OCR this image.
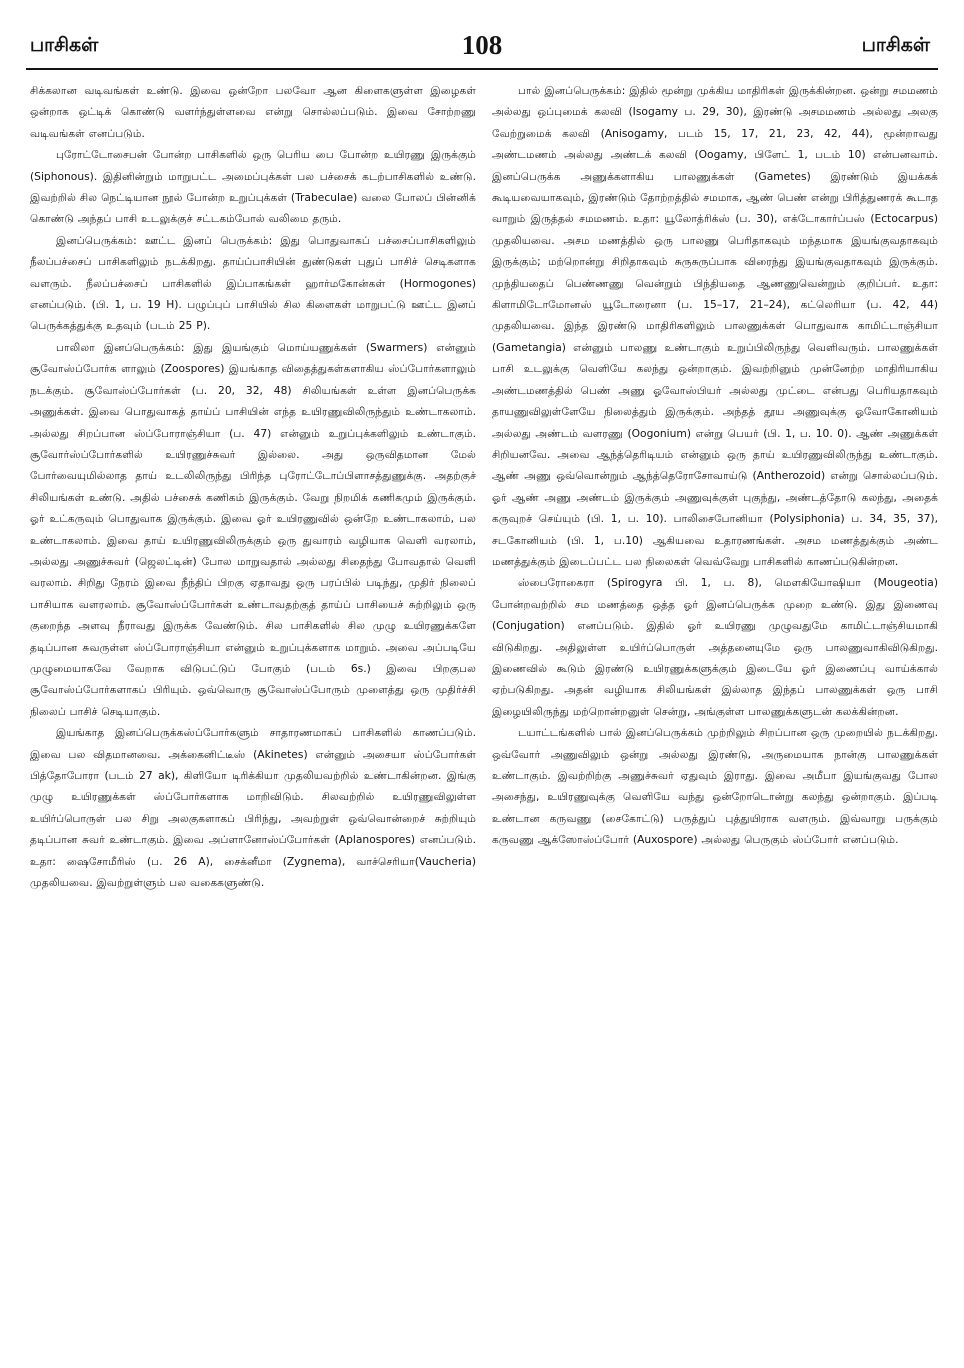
பாசிகள்	108	பாசிகள்

சிக்கலான வடிவங்கள் உண்டு. இவை ஒன்றோ பலவோ ஆன கிளைகளுள்ள இழைகள் ஒன்றாக ஒட்டிக் கொண்டு வளர்ந்துள்ளவை என்று சொல்லப்படும். இவை சோற்றணு வடிவங்கள் எனப்படும்.

புரோட்டோசைபன் போன்ற பாசிகளில் ஒரு பெரிய பை போன்ற உயிரணு இருக்கும் (Siphonous). இதினின்றும் மாறுபட்ட அமைப்புக்கள் பல பச்சைக் கடற்பாசிகளில் உண்டு. இவற்றில் சில நெட்டியான நூல் போன்ற உறுப்புக்கள் (Trabeculae) வலை போலப் பின்னிக் கொண்டு அந்தப் பாசி உடலுக்குச் சட்டகம்போல் வலிமை தரும்.

இனப்பெருக்கம்: ஊட்ட இனப் பெருக்கம்: இது பொதுவாகப் பச்சைப்பாசிகளிலும் நீலப்பச்சைப் பாசிகளிலும் நடக்கிறது. தாய்ப்பாசியின் துண்டுகள் புதுப் பாசிச் செடிகளாக வளரும். நீலப்பச்சைப் பாசிகளில் இப்பாகங்கள் ஹார்மகோன்கள் (Hormogones) எனப்படும். (பி. 1, ப. 19 H). பழுப்புப் பாசியில் சில கிளைகள் மாறுபட்டு ஊட்ட இனப் பெருக்கத்துக்கு உதவும் (படம் 25 P).

பாலிலா இனப்பெருக்கம்: இது இயங்கும் மொய்யணுக்கள் (Swarmers) என்னும் சூவோஸ்ப்போர்க ளாலும் (Zoospores) இயங்காத விதைத்துகள்களாகிய ஸ்ப்போர்களாலும் நடக்கும். சூவோஸ்ப்போர்கள் (ப. 20, 32, 48) சிலியங்கள் உள்ள இனப்பெருக்க அணுக்கள். இவை பொதுவாகத் தாய்ப் பாசியின் எந்த உயிரணுவிலிருந்தும் உண்டாகலாம். அல்லது சிறப்பான ஸ்ப்போராஞ்சியா (ப. 47) என்னும் உறுப்புக்களிலும் உண்டாகும். சூவோர்ஸ்ப்போர்களில் உயிரணுச்சுவர் இல்லை. அது ஒருவிதமான மேல் போர்வையுமில்லாத தாய் உடலிலிருந்து பிரிந்த புரோட்டோப்பிளாசத்துணுக்கு. அதற்குச் சிலியங்கள் உண்டு. அதில் பச்சைக் கணிகம் இருக்கும். வேறு நிறமிக் கணிகமும் இருக்கும். ஓர் உட்கருவும் பொதுவாக இருக்கும். இவை ஓர் உயிரணுவில் ஒன்றே உண்டாகலாம், பல உண்டாகலாம். இவை தாய் உயிரணுவிலிருக்கும் ஒரு துவாரம் வழியாக வெளி வரலாம், அல்லது அணுச்சுவர் (ஜெலட்டின்) போல மாறுவதால் அல்லது சிதைந்து போவதால் வெளி வரலாம். சிறிது நேரம் இவை நீந்திப் பிறகு ஏதாவது ஒரு பரப்பில் படிந்து, முதிர் நிலைப் பாசியாக வளரலாம். சூவோஸ்ப்போர்கள் உண்டாவதற்குத் தாய்ப் பாசியைச் சுற்றிலும் ஒரு குறைந்த அளவு நீராவது இருக்க வேண்டும். சில பாசிகளில் சில முழு உயிரணுக்களே தடிப்பான சுவருள்ள ஸ்ப்போராஞ்சியா என்னும் உறுப்புக்களாக மாறும். அவை அப்படியே முழுமையாகவே வேறாக விடுபட்டுப் போகும் (படம் 6s.) இவை பிறகுபல சூவோஸ்ப்போர்களாகப் பிரியும். ஒவ்வொரு சூவோஸ்ப்போரும் முளைத்து ஒரு முதிர்ச்சி நிலைப் பாசிச் செடியாகும்.

இயங்காத இனப்பெருக்கஸ்ப்போர்களும் சாதாரணமாகப் பாசிகளில் காணப்படும். இவை பல விதமானவை. அக்கைனிட்டீஸ் (Akinetes) என்னும் அசையா ஸ்ப்போர்கள் பித்தோபோரா (படம் 27 ak), கிளியோ டிரிக்கியா முதலியவற்றில் உண்டாகின்றன. இங்கு முழு உயிரணுக்கள் ஸ்ப்போர்களாக மாறிவிடும். சிலவற்றில் உயிரணுவிலுள்ள உயிர்ப்பொருள் பல சிறு அலகுகளாகப் பிரிந்து, அவற்றுள் ஒவ்வொன்றைச் சுற்றியும் தடிப்பான சுவர் உண்டாகும். இவை அப்ளானோஸ்ப்போர்கள் (Aplanospores) எனப்படும். உதா: ஷைசோமீரிஸ் (ப. 26 A), சைக்னீமா (Zygnema), வாச்செரியா(Vaucheria) முதலியவை. இவற்றுள்ளும் பல வகைகளுண்டு.

பால் இனப்பெருக்கம்: இதில் மூன்று முக்கிய மாதிரிகள் இருக்கின்றன. ஒன்று சமமணம் அல்லது ஒப்புமைக் கலவி (Isogamy ப. 29, 30), இரண்டு அசமமணம் அல்லது அலகு வேற்றுமைக் கலவி (Anisogamy, படம் 15, 17, 21, 23, 42, 44), மூன்றாவது அண்டமணம் அல்லது அண்டக் கலவி (Oogamy, பிளேட் 1, படம் 10) என்பனவாம். இனப்பெருக்க அணுக்களாகிய பாலணுக்கள் (Gametes) இரண்டும் இயக்கக் கூடியவையாகவும், இரண்டும் தோற்றத்தில் சமமாக, ஆண் பெண் என்று பிரித்துணரக் கூடாத வாறும் இருத்தல் சமமணம். உதா: யூலோத்ரிக்ஸ் (ப. 30), எக்டோகார்ப்பஸ் (Ectocarpus) முதலியவை. அசம மணத்தில் ஒரு பாலணு பெரிதாகவும் மந்தமாக இயங்குவதாகவும் இருக்கும்; மற்றொன்று சிறிதாகவும் சுருசுருப்பாக விரைந்து இயங்குவதாகவும் இருக்கும். முந்தியதைப் பெண்ணணு வென்றும் பிந்தியதை ஆணணுவென்றும் குறிப்பர். உதா: கிளாமிடோமோனஸ் யூடோரைனா (ப. 15–17, 21–24), கட்லெரியா (ப. 42, 44) முதலியவை. இந்த இரண்டு மாதிரிகளிலும் பாலணுக்கள் பொதுவாக காமிட்டாஞ்சியா (Gametangia) என்னும் பாலணு உண்டாகும் உறுப்பிலிருந்து வெளிவரும். பாலணுக்கள் பாசி உடலுக்கு வெளியே கலந்து ஒன்றாகும். இவற்றினும் முன்னேற்ற மாதிரியாகிய அண்டமணத்தில் பெண் அணு ஓவோஸ்பியர் அல்லது முட்டை என்பது பெரியதாகவும் தாயணுவிலுள்ளேயே நிலைத்தும் இருக்கும். அந்தத் தூய அணுவுக்கு ஓவோகோனியம் அல்லது அண்டம் வளரணு (Oogonium) என்று பெயர் (பி. 1, ப. 10. 0). ஆண் அணுக்கள் சிறியனவே. அவை ஆந்த்தெரிடியம் என்னும் ஒரு தாய் உயிரணுவிலிருந்து உண்டாகும். ஆண் அணு ஒவ்வொன்றும் ஆந்த்தெரோசோவாய்டு (Antherozoid) என்று சொல்லப்படும். ஓர் ஆண் அணு அண்டம் இருக்கும் அணுவுக்குள் புகுந்து, அண்டத்தோடு கலந்து, அதைக் கருவுறச் செய்யும் (பி. 1, ப. 10). பாலிசைபோனியா (Polysiphonia) ப. 34, 35, 37), சடகோனியம் (பி. 1, ப.10) ஆகியவை உதாரணங்கள். அசம மணத்துக்கும் அண்ட மணத்துக்கும் இடைப்பட்ட பல நிலைகள் வெவ்வேறு பாசிகளில் காணப்படுகின்றன.

ஸ்பைரோகைரா (Spirogyra பி. 1, ப. 8), மௌகியோஷியா (Mougeotia) போன்றவற்றில் சம மணத்தை ஒத்த ஓர் இனப்பெருக்க முறை உண்டு. இது இணைவு (Conjugation) எனப்படும். இதில் ஓர் உயிரணு முழுவதுமே காமிட்டாஞ்சியமாகி விடுகிறது. அதிலுள்ள உயிர்ப்பொருள் அத்தனையுமே ஒரு பாலணுவாகிவிடுகிறது. இணைவில் கூடும் இரண்டு உயிரணுக்களுக்கும் இடையே ஓர் இணைப்பு வாய்க்கால் ஏற்படுகிறது. அதன் வழியாக சிலியங்கள் இல்லாத இந்தப் பாலணுக்கள் ஒரு பாசி இழையிலிருந்து மற்றொன்றனுள் சென்று, அங்குள்ள பாலணுக்களுடன் கலக்கின்றன.

டயாட்டங்களில் பால் இனப்பெருக்கம் முற்றிலும் சிறப்பான ஒரு முறையில் நடக்கிறது. ஒவ்வோர் அணுவிலும் ஒன்று அல்லது இரண்டு, அருமையாக நான்கு பாலணுக்கள் உண்டாகும். இவற்றிற்கு அணுச்சுவர் ஏதுவும் இராது. இவை அமீபா இயங்குவது போல அசைந்து, உயிரணுவுக்கு வெளியே வந்து ஒன்றோடொன்று கலந்து ஒன்றாகும். இப்படி உண்டான கருவணு (சைகோட்டு) பருத்துப் புத்துயிராக வளரும். இவ்வாறு பருக்கும் கருவணு ஆக்ஸோஸ்ப்போர் (Auxospore) அல்லது பெருகும் ஸ்ப்போர் எனப்படும்.
